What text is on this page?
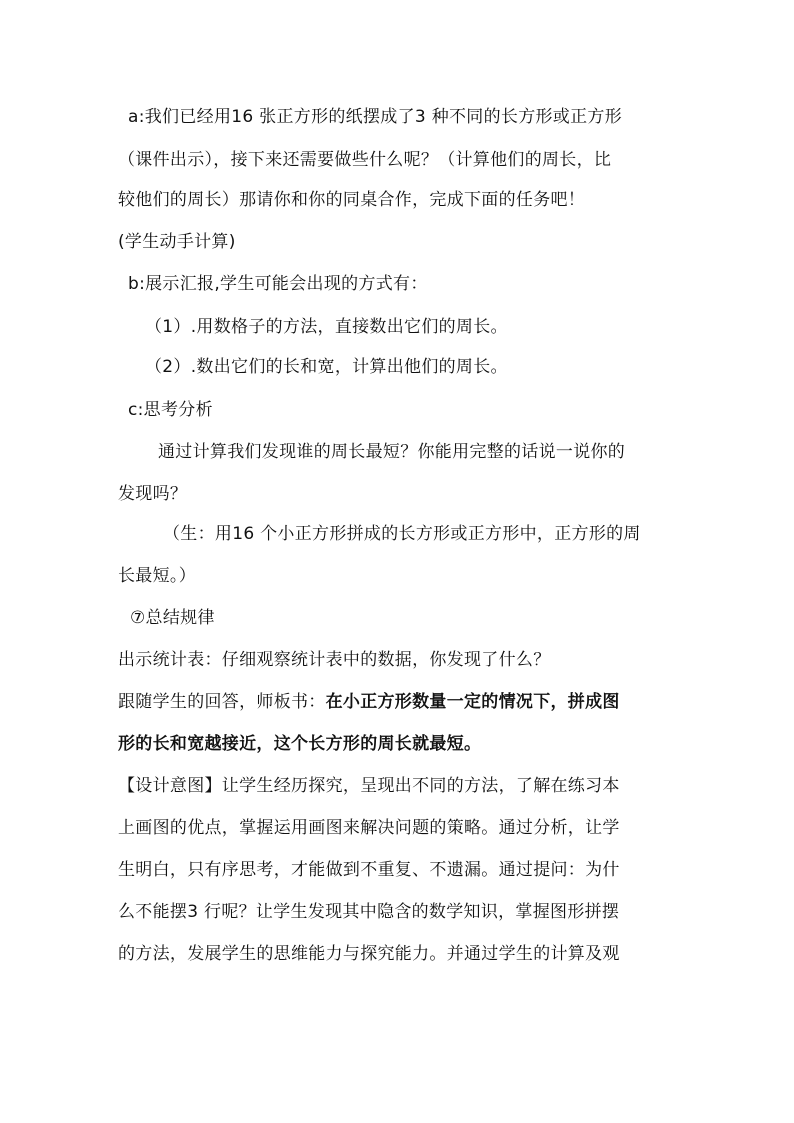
a:我们已经用16 张正方形的纸摆成了3 种不同的长方形或正方形
（课件出示），接下来还需要做些什么呢？（计算他们的周长，比
较他们的周长）那请你和你的同桌合作，完成下面的任务吧！
(学生动手计算)
b:展示汇报,学生可能会出现的方式有：
（1）.用数格子的方法，直接数出它们的周长。
（2）.数出它们的长和宽，计算出他们的周长。
c:思考分析
通过计算我们发现谁的周长最短？你能用完整的话说一说你的
发现吗？
（生：用16 个小正方形拼成的长方形或正方形中，正方形的周
长最短。）
⑦总结规律
出示统计表：仔细观察统计表中的数据，你发现了什么？
跟随学生的回答，师板书：在小正方形数量一定的情况下，拼成图
形的长和宽越接近，这个长方形的周长就最短。
【设计意图】让学生经历探究，呈现出不同的方法，了解在练习本
上画图的优点，掌握运用画图来解决问题的策略。通过分析，让学
生明白，只有序思考，才能做到不重复、不遗漏。通过提问：为什
么不能摆3 行呢？让学生发现其中隐含的数学知识，掌握图形拼摆
的方法，发展学生的思维能力与探究能力。并通过学生的计算及观
